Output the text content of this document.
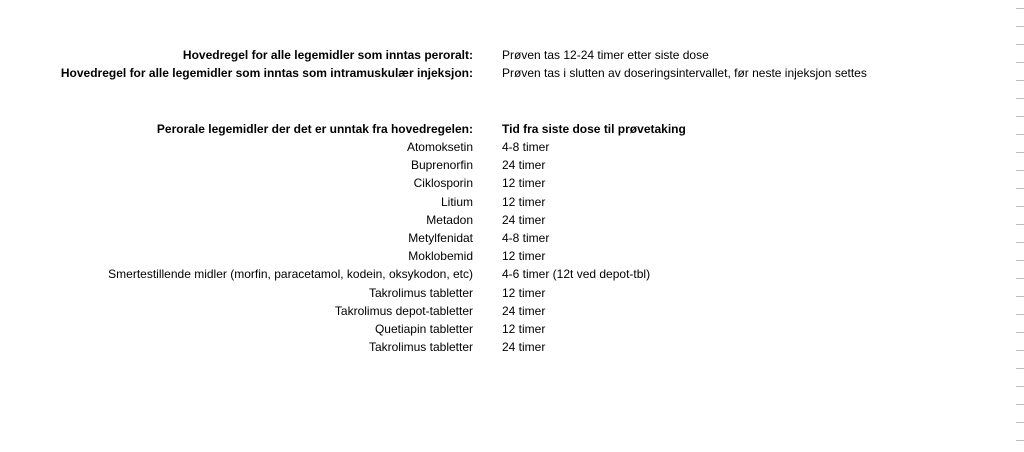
Hovedregel for alle legemidler som inntas peroralt: Prøven tas 12-24 timer etter siste dose
Hovedregel for alle legemidler som inntas som intramuskulær injeksjon: Prøven tas i slutten av doseringsintervallet, før neste injeksjon settes
Perorale legemidler der det er unntak fra hovedregelen: Tid fra siste dose til prøvetaking
Atomoksetin 4-8 timer
Buprenorfin 24 timer
Ciklosporin 12 timer
Litium 12 timer
Metadon 24 timer
Metylfenidat 4-8 timer
Moklobemid 12 timer
Smertestillende midler (morfin, paracetamol, kodein, oksykodon, etc) 4-6 timer (12t ved depot-tbl)
Takrolimus tabletter 12 timer
Takrolimus depot-tabletter 24 timer
Quetiapin tabletter 12 timer
Takrolimus tabletter 24 timer
